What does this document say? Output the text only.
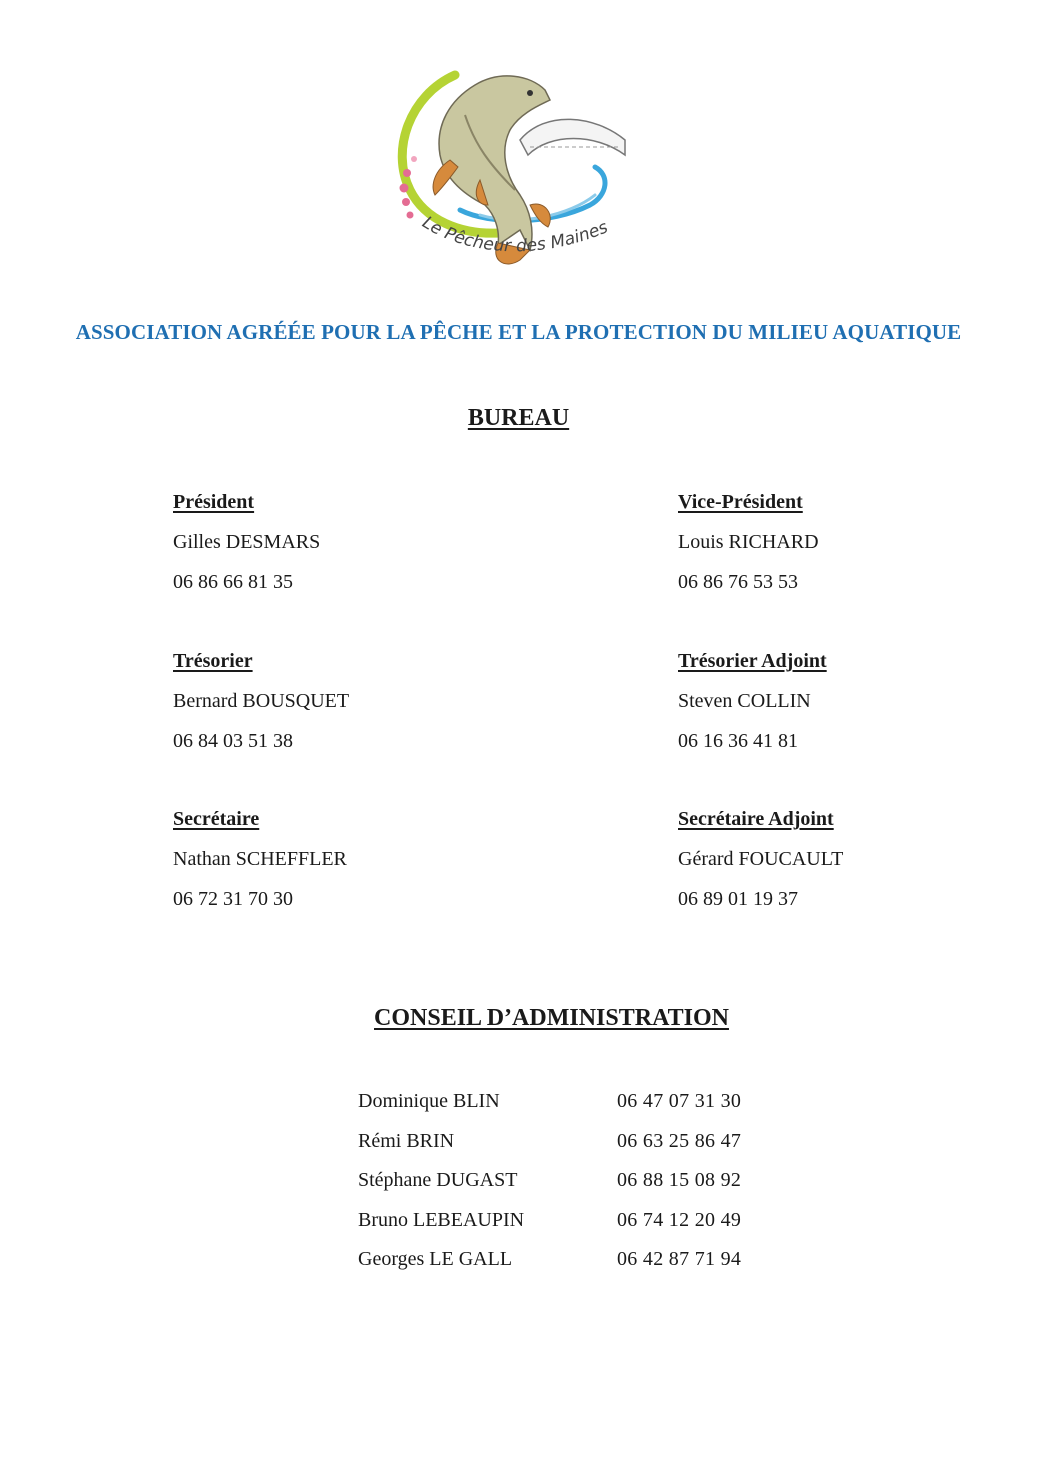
Le Pêcheur des Maines
ASSOCIATION AGRÉÉE POUR LA PÊCHE ET LA PROTECTION DU MILIEU AQUATIQUE
BUREAU
Président
Gilles DESMARS
06 86 66 81 35
Vice-Président
Louis RICHARD
06 86 76 53 53
Trésorier
Bernard BOUSQUET
06 84 03 51 38
Trésorier Adjoint
Steven COLLIN
06 16 36 41 81
Secrétaire
Nathan SCHEFFLER
06 72 31 70 30
Secrétaire Adjoint
Gérard FOUCAULT
06 89 01 19 37
CONSEIL D’ADMINISTRATION
Dominique BLIN	06 47 07 31 30
Rémi BRIN	06 63 25 86 47
Stéphane DUGAST	06 88 15 08 92
Bruno LEBEAUPIN	06 74 12 20 49
Georges LE GALL	06 42 87 71 94
